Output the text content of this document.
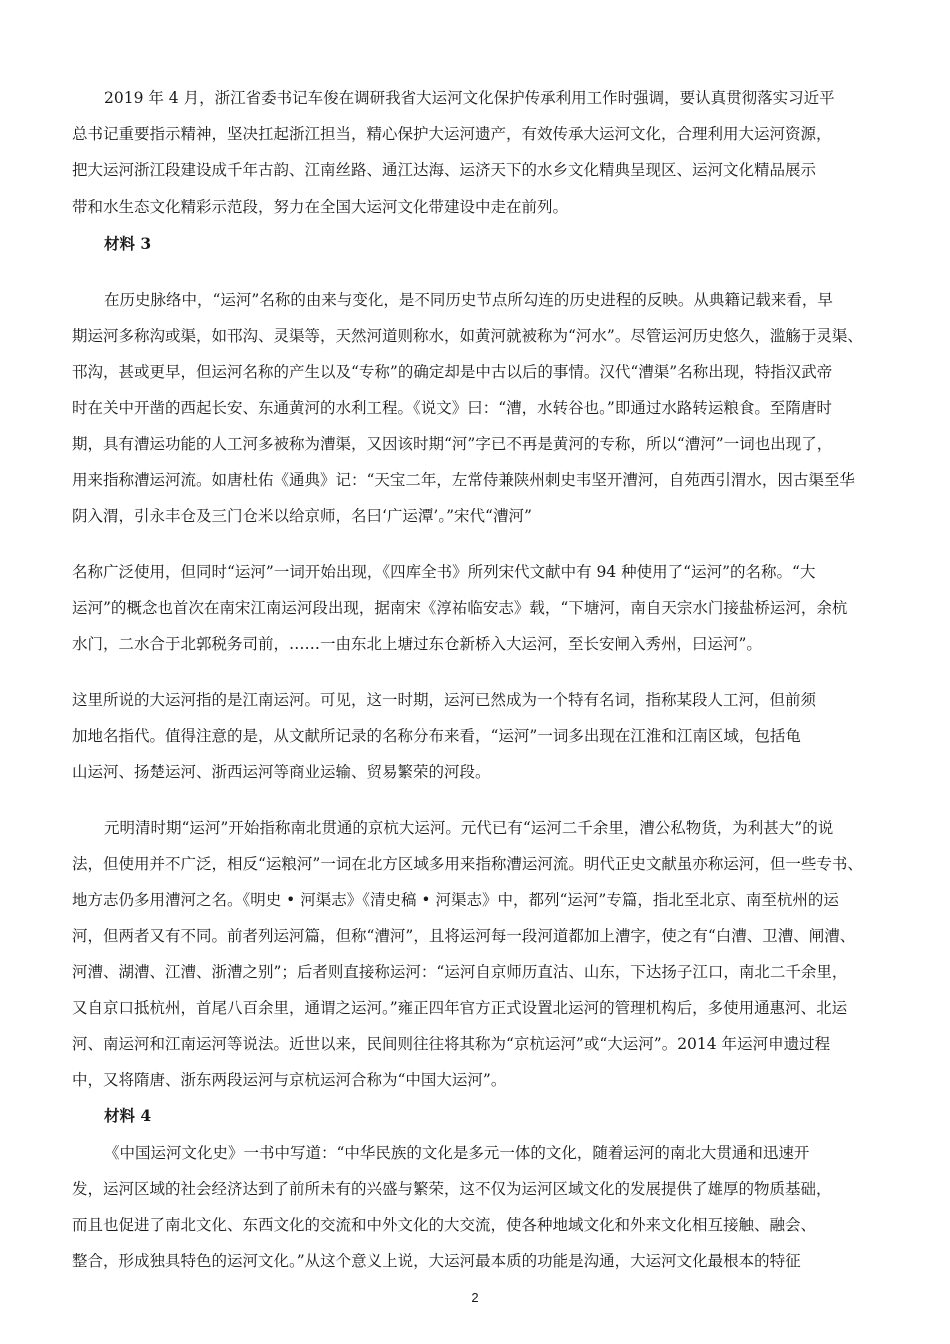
2019 年 4 月，浙江省委书记车俊在调研我省大运河文化保护传承利用工作时强调，要认真贯彻落实习近平
总书记重要指示精神，坚决扛起浙江担当，精心保护大运河遗产，有效传承大运河文化，合理利用大运河资源，
把大运河浙江段建设成千年古韵、江南丝路、通江达海、运济天下的水乡文化精典呈现区、运河文化精品展示
带和水生态文化精彩示范段，努力在全国大运河文化带建设中走在前列。
材料 3
在历史脉络中，“运河”名称的由来与变化，是不同历史节点所勾连的历史进程的反映。从典籍记载来看，早
期运河多称沟或渠，如邗沟、灵渠等，天然河道则称水，如黄河就被称为“河水”。尽管运河历史悠久，滥觞于灵渠、
邗沟，甚或更早，但运河名称的产生以及“专称”的确定却是中古以后的事情。汉代“漕渠”名称出现，特指汉武帝
时在关中开凿的西起长安、东通黄河的水利工程。《说文》曰：“漕，水转谷也。”即通过水路转运粮食。至隋唐时
期，具有漕运功能的人工河多被称为漕渠，又因该时期“河”字已不再是黄河的专称，所以“漕河”一词也出现了，
用来指称漕运河流。如唐杜佑《通典》记：“天宝二年，左常侍兼陕州刺史韦坚开漕河，自苑西引渭水，因古渠至华
阴入渭，引永丰仓及三门仓米以给京师，名曰‘广运潭’。”宋代“漕河”
名称广泛使用，但同时“运河”一词开始出现，《四库全书》所列宋代文献中有 94 种使用了“运河”的名称。“大
运河”的概念也首次在南宋江南运河段出现，据南宋《淳祐临安志》载，“下塘河，南自天宗水门接盐桥运河，余杭
水门，二水合于北郭税务司前，……一由东北上塘过东仓新桥入大运河，至长安闸入秀州，曰运河”。
这里所说的大运河指的是江南运河。可见，这一时期，运河已然成为一个特有名词，指称某段人工河，但前须
加地名指代。值得注意的是，从文献所记录的名称分布来看，“运河”一词多出现在江淮和江南区域，包括龟
山运河、扬楚运河、浙西运河等商业运输、贸易繁荣的河段。
元明清时期“运河”开始指称南北贯通的京杭大运河。元代已有“运河二千余里，漕公私物货，为利甚大”的说
法，但使用并不广泛，相反“运粮河”一词在北方区域多用来指称漕运河流。明代正史文献虽亦称运河，但一些专书、
地方志仍多用漕河之名。《明史 • 河渠志》《清史稿 • 河渠志》中，都列“运河”专篇，指北至北京、南至杭州的运
河，但两者又有不同。前者列运河篇，但称“漕河”，且将运河每一段河道都加上漕字，使之有“白漕、卫漕、闸漕、
河漕、湖漕、江漕、浙漕之别”；后者则直接称运河：“运河自京师历直沽、山东，下达扬子江口，南北二千余里，
又自京口抵杭州，首尾八百余里，通谓之运河。”雍正四年官方正式设置北运河的管理机构后，多使用通惠河、北运
河、南运河和江南运河等说法。近世以来，民间则往往将其称为“京杭运河”或“大运河”。2014 年运河申遗过程
中，又将隋唐、浙东两段运河与京杭运河合称为“中国大运河”。
材料 4
《中国运河文化史》一书中写道：“中华民族的文化是多元一体的文化，随着运河的南北大贯通和迅速开
发，运河区域的社会经济达到了前所未有的兴盛与繁荣，这不仅为运河区域文化的发展提供了雄厚的物质基础，
而且也促进了南北文化、东西文化的交流和中外文化的大交流，使各种地域文化和外来文化相互接触、融会、
整合，形成独具特色的运河文化。”从这个意义上说，大运河最本质的功能是沟通，大运河文化最根本的特征
2
